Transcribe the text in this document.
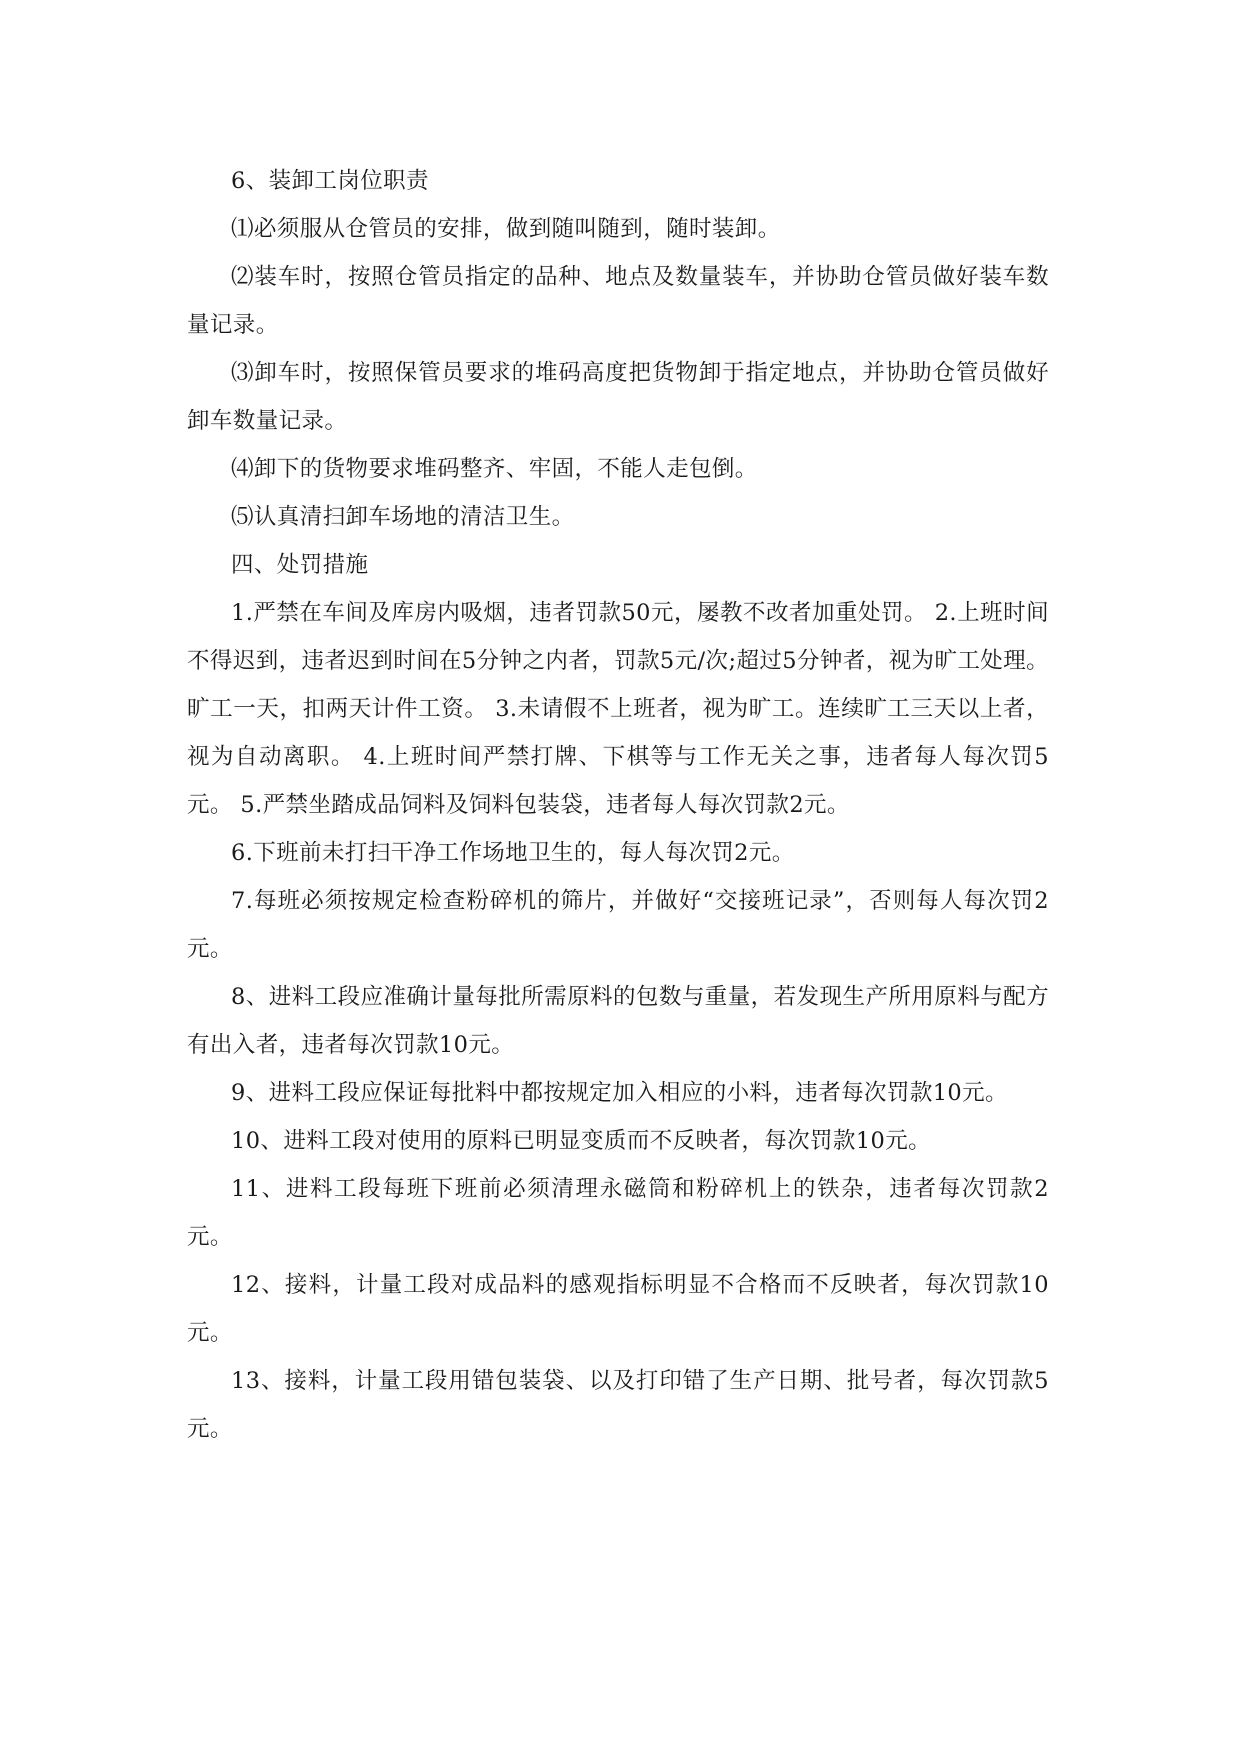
6、装卸工岗位职责

⑴必须服从仓管员的安排，做到随叫随到，随时装卸。

⑵装车时，按照仓管员指定的品种、地点及数量装车，并协助仓管员做好装车数量记录。

⑶卸车时，按照保管员要求的堆码高度把货物卸于指定地点，并协助仓管员做好卸车数量记录。

⑷卸下的货物要求堆码整齐、牢固，不能人走包倒。

⑸认真清扫卸车场地的清洁卫生。

四、处罚措施

1.严禁在车间及库房内吸烟，违者罚款50元，屡教不改者加重处罚。 2.上班时间不得迟到，违者迟到时间在5分钟之内者，罚款5元/次;超过5分钟者，视为旷工处理。旷工一天，扣两天计件工资。 3.未请假不上班者，视为旷工。连续旷工三天以上者，视为自动离职。 4.上班时间严禁打牌、下棋等与工作无关之事，违者每人每次罚5元。 5.严禁坐踏成品饲料及饲料包装袋，违者每人每次罚款2元。

6.下班前未打扫干净工作场地卫生的，每人每次罚2元。

7.每班必须按规定检查粉碎机的筛片，并做好“交接班记录”，否则每人每次罚2元。

8、进料工段应准确计量每批所需原料的包数与重量，若发现生产所用原料与配方有出入者，违者每次罚款10元。

9、进料工段应保证每批料中都按规定加入相应的小料，违者每次罚款10元。

10、进料工段对使用的原料已明显变质而不反映者，每次罚款10元。

11、进料工段每班下班前必须清理永磁筒和粉碎机上的铁杂，违者每次罚款2元。

12、接料，计量工段对成品料的感观指标明显不合格而不反映者，每次罚款10元。

13、接料，计量工段用错包装袋、以及打印错了生产日期、批号者，每次罚款5元。
